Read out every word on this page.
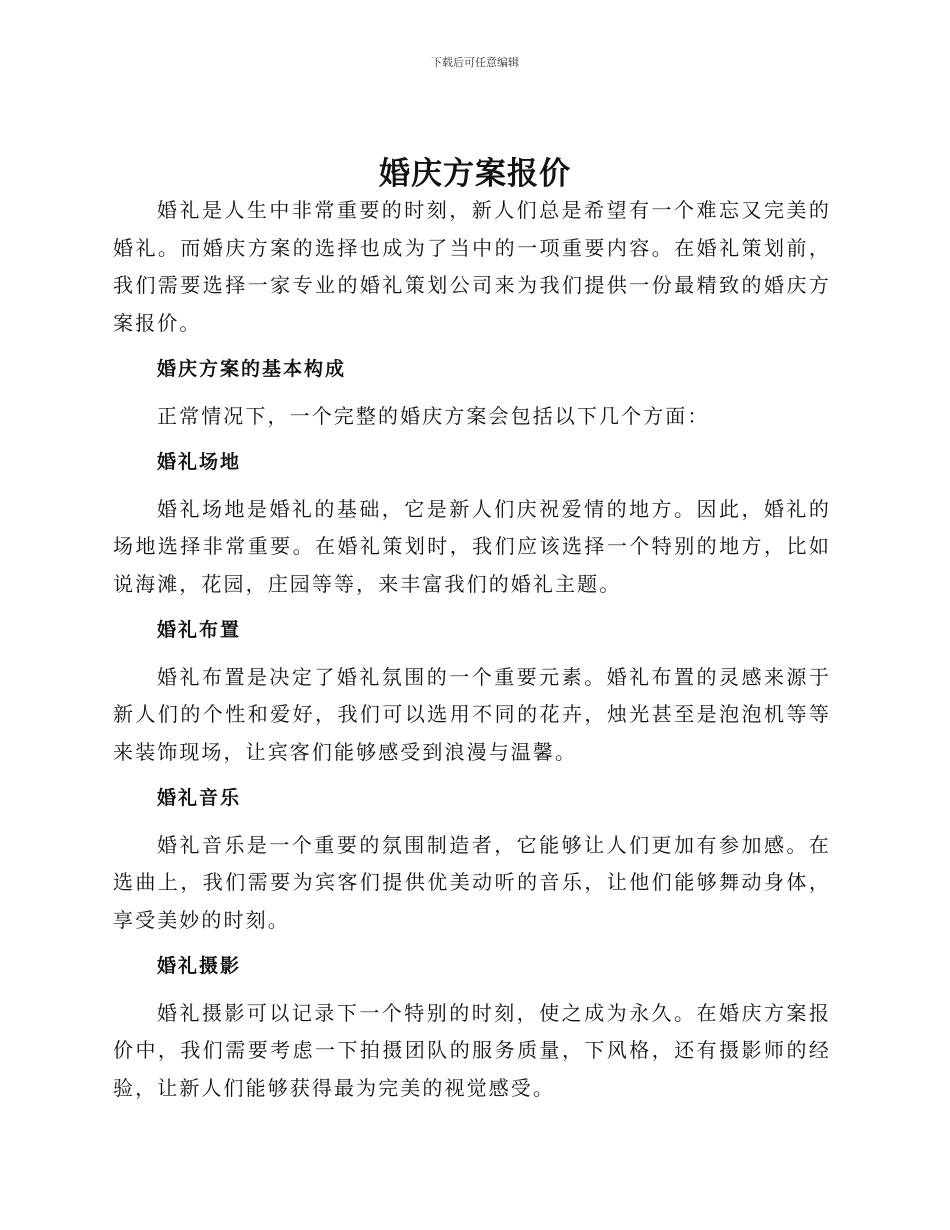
下载后可任意编辑
婚庆方案报价

婚礼是人生中非常重要的时刻，新人们总是希望有一个难忘又完美的婚礼。而婚庆方案的选择也成为了当中的一项重要内容。在婚礼策划前，我们需要选择一家专业的婚礼策划公司来为我们提供一份最精致的婚庆方案报价。

婚庆方案的基本构成

正常情况下，一个完整的婚庆方案会包括以下几个方面：

婚礼场地

婚礼场地是婚礼的基础，它是新人们庆祝爱情的地方。因此，婚礼的场地选择非常重要。在婚礼策划时，我们应该选择一个特别的地方，比如说海滩，花园，庄园等等，来丰富我们的婚礼主题。

婚礼布置

婚礼布置是决定了婚礼氛围的一个重要元素。婚礼布置的灵感来源于新人们的个性和爱好，我们可以选用不同的花卉，烛光甚至是泡泡机等等来装饰现场，让宾客们能够感受到浪漫与温馨。

婚礼音乐

婚礼音乐是一个重要的氛围制造者，它能够让人们更加有参加感。在选曲上，我们需要为宾客们提供优美动听的音乐，让他们能够舞动身体，享受美妙的时刻。

婚礼摄影

婚礼摄影可以记录下一个特别的时刻，使之成为永久。在婚庆方案报价中，我们需要考虑一下拍摄团队的服务质量，下风格，还有摄影师的经验，让新人们能够获得最为完美的视觉感受。
